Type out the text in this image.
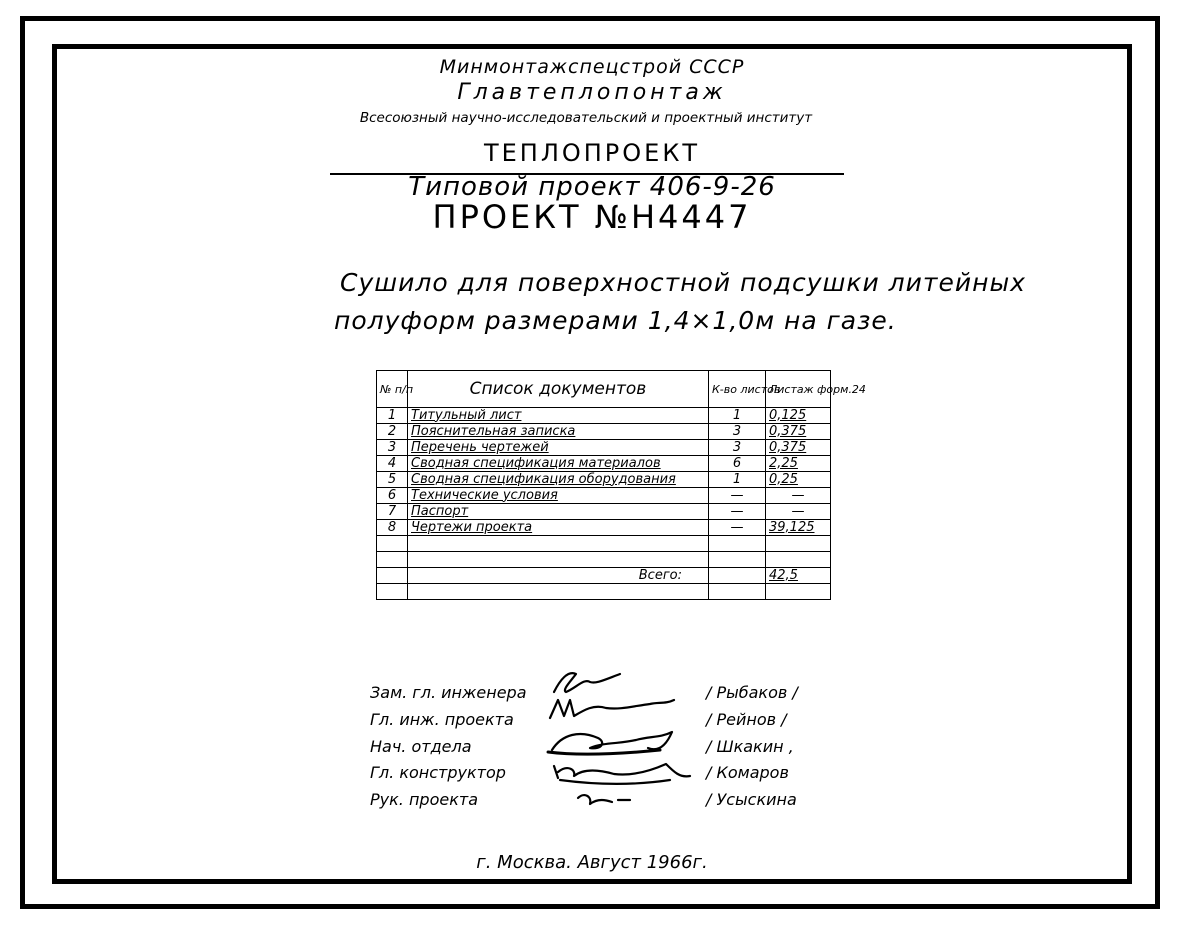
Минмонтажспецстрой СССР
Главтеплопонтаж
Всесоюзный научно-исследовательский и проектный институт
ТЕПЛОПРОЕКТ
Типовой проект 406-9-26
ПРОЕКТ №Н4447
Сушило для поверхностной подсушки литейных
полуформ размерами 1,4×1,0м на газе.
№ п/п	Список документов	К-во листов	Листаж форм.24
1	Титульный лист	1	0,125
2	Пояснительная записка	3	0,375
3	Перечень чертежей	3	0,375
4	Сводная спецификация материалов	6	2,25
5	Сводная спецификация оборудования	1	0,25
6	Технические условия	—	—
7	Паспорт	—	—
8	Чертежи проекта	—	39,125

	Всего:		42,5

Зам. гл. инженера
Гл. инж. проекта
Нач. отдела
Гл. конструктор
Рук. проекта
/ Рыбаков /
/ Рейнов /
/ Шкакин ,
/ Комаров
/ Усыскина
г. Москва. Август 1966г.
